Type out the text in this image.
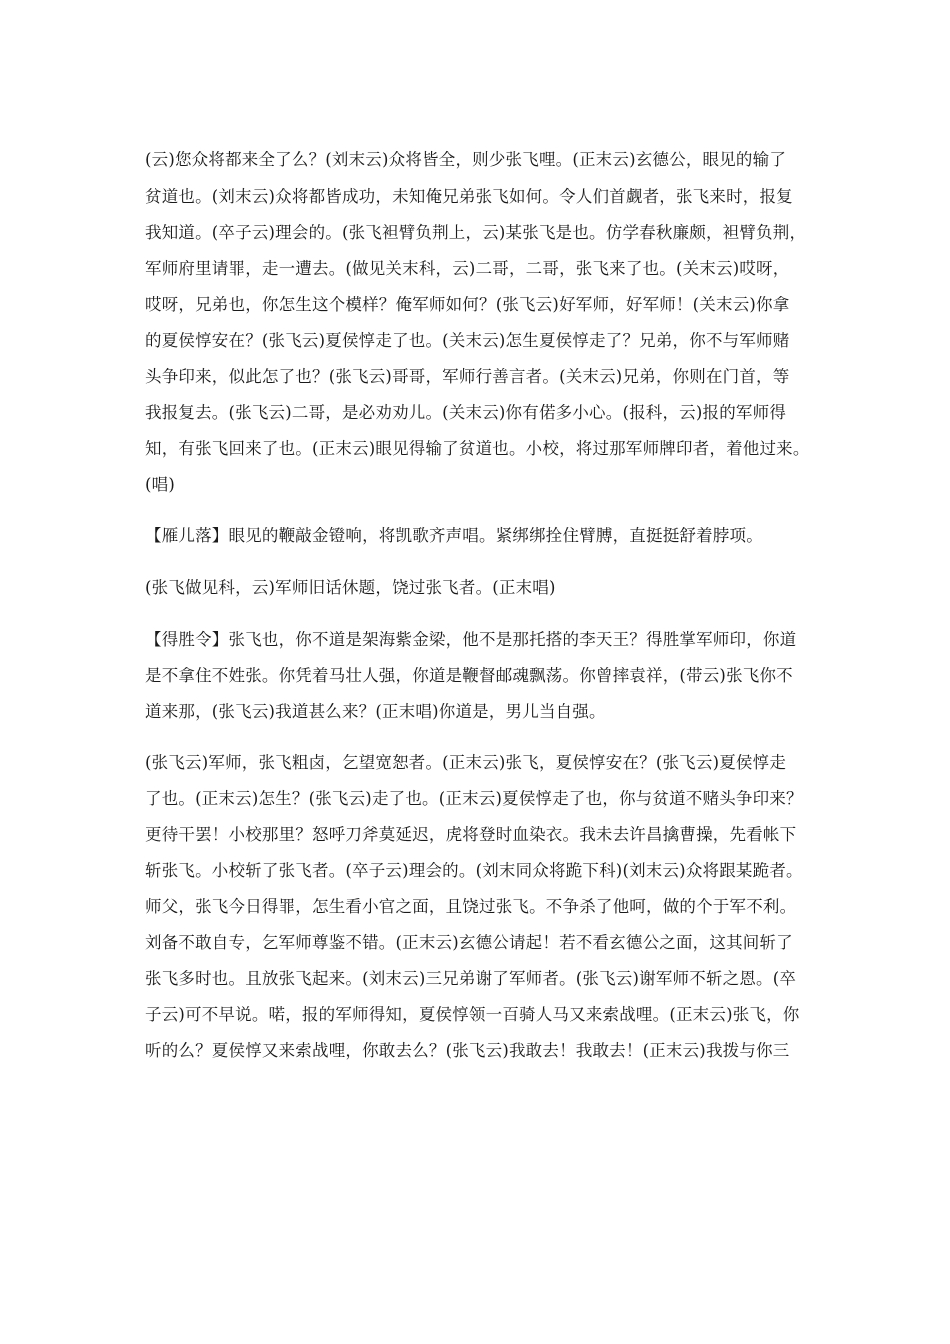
(云)您众将都来全了么？(刘末云)众将皆全，则少张飞哩。(正末云)玄德公，眼见的输了
贫道也。(刘末云)众将都皆成功，未知俺兄弟张飞如何。令人们首觑者，张飞来时，报复
我知道。(卒子云)理会的。(张飞袒臂负荆上，云)某张飞是也。仿学春秋廉颇，袒臂负荆，
军师府里请罪，走一遭去。(做见关末科，云)二哥，二哥，张飞来了也。(关末云)哎呀，
哎呀，兄弟也，你怎生这个模样？俺军师如何？(张飞云)好军师，好军师！(关末云)你拿
的夏侯惇安在？(张飞云)夏侯惇走了也。(关末云)怎生夏侯惇走了？兄弟，你不与军师赌
头争印来，似此怎了也？(张飞云)哥哥，军师行善言者。(关末云)兄弟，你则在门首，等
我报复去。(张飞云)二哥，是必劝劝儿。(关末云)你有偌多小心。(报科，云)报的军师得
知，有张飞回来了也。(正末云)眼见得输了贫道也。小校，将过那军师牌印者，着他过来。
(唱)
【雁儿落】眼见的鞭敲金镫响，将凯歌齐声唱。紧绑绑拴住臂膊，直挺挺舒着脖项。
(张飞做见科，云)军师旧话休题，饶过张飞者。(正末唱)
【得胜令】张飞也，你不道是架海紫金梁，他不是那托搭的李天王？得胜掌军师印，你道
是不拿住不姓张。你凭着马壮人强，你道是鞭督邮魂飘荡。你曾摔袁祥，(带云)张飞你不
道来那，(张飞云)我道甚么来？(正末唱)你道是，男儿当自强。
(张飞云)军师，张飞粗卤，乞望宽恕者。(正末云)张飞，夏侯惇安在？(张飞云)夏侯惇走
了也。(正末云)怎生？(张飞云)走了也。(正末云)夏侯惇走了也，你与贫道不赌头争印来？
更待干罢！小校那里？怒呼刀斧莫延迟，虎将登时血染衣。我未去许昌擒曹操，先看帐下
斩张飞。小校斩了张飞者。(卒子云)理会的。(刘末同众将跪下科)(刘末云)众将跟某跪者。
师父，张飞今日得罪，怎生看小官之面，且饶过张飞。不争杀了他呵，做的个于军不利。
刘备不敢自专，乞军师尊鉴不错。(正末云)玄德公请起！若不看玄德公之面，这其间斩了
张飞多时也。且放张飞起来。(刘末云)三兄弟谢了军师者。(张飞云)谢军师不斩之恩。(卒
子云)可不早说。喏，报的军师得知，夏侯惇领一百骑人马又来索战哩。(正末云)张飞，你
听的么？夏侯惇又来索战哩，你敢去么？(张飞云)我敢去！我敢去！(正末云)我拨与你三
